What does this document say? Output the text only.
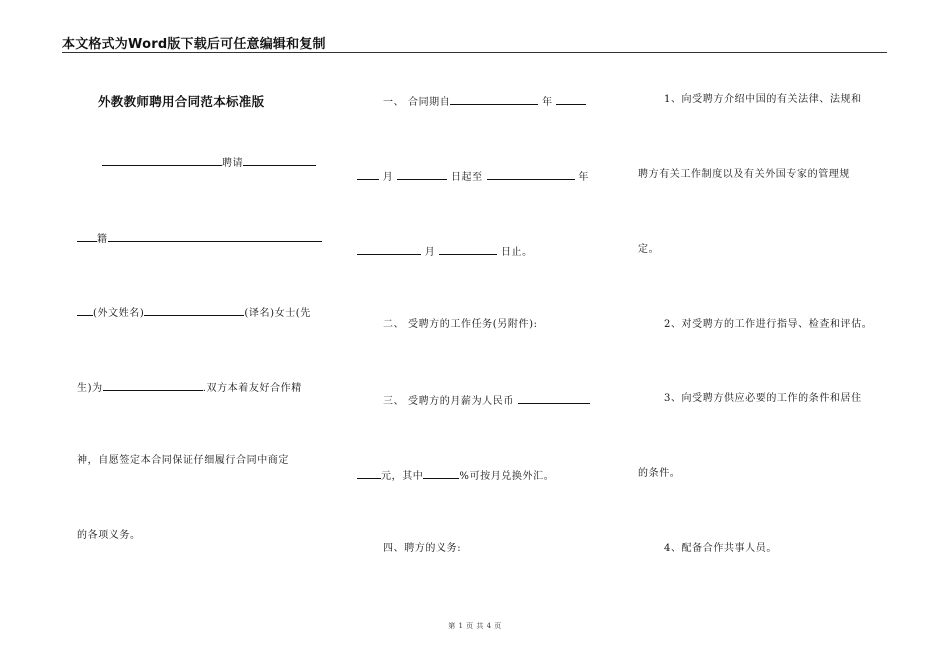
本文格式为Word版下载后可任意编辑和复制
外教教师聘用合同范本标准版
聘请
籍
(外文姓名)	(译名)女士(先
生)为	.双方本着友好合作精
神，自愿签定本合同保证仔细履行合同中商定
的各项义务。
一、 合同期自	年
月	日起至	年
月	日止。
二、 受聘方的工作任务(另附件):
三、 受聘方的月薪为人民币
元，其中	%可按月兑换外汇。
四、聘方的义务:
1、向受聘方介绍中国的有关法律、法规和
聘方有关工作制度以及有关外国专家的管理规
定。
2、对受聘方的工作进行指导、检查和评估。
3、向受聘方供应必要的工作的条件和居住
的条件。
4、配备合作共事人员。
第 1 页 共 4 页
